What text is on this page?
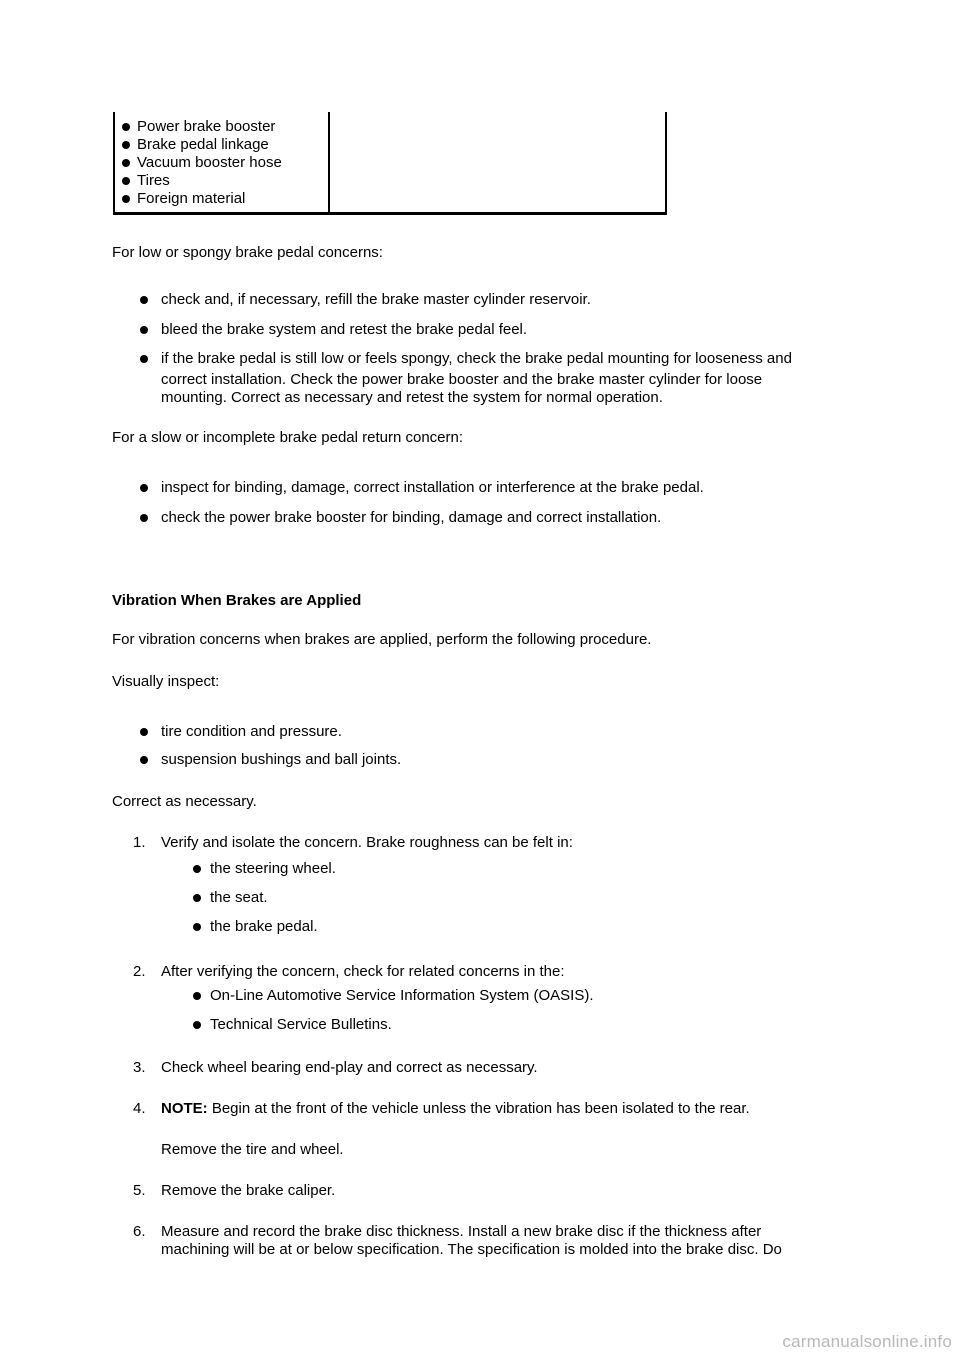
Power brake booster
Brake pedal linkage
Vacuum booster hose
Tires
Foreign material
For low or spongy brake pedal concerns:
check and, if necessary, refill the brake master cylinder reservoir.
bleed the brake system and retest the brake pedal feel.
if the brake pedal is still low or feels spongy, check the brake pedal mounting for looseness and
correct installation. Check the power brake booster and the brake master cylinder for loose
mounting. Correct as necessary and retest the system for normal operation.
For a slow or incomplete brake pedal return concern:
inspect for binding, damage, correct installation or interference at the brake pedal.
check the power brake booster for binding, damage and correct installation.
Vibration When Brakes are Applied
For vibration concerns when brakes are applied, perform the following procedure.
Visually inspect:
tire condition and pressure.
suspension bushings and ball joints.
Correct as necessary.
1. Verify and isolate the concern. Brake roughness can be felt in:
the steering wheel.
the seat.
the brake pedal.
2. After verifying the concern, check for related concerns in the:
On-Line Automotive Service Information System (OASIS).
Technical Service Bulletins.
3. Check wheel bearing end-play and correct as necessary.
4. NOTE: Begin at the front of the vehicle unless the vibration has been isolated to the rear.
Remove the tire and wheel.
5. Remove the brake caliper.
6. Measure and record the brake disc thickness. Install a new brake disc if the thickness after
machining will be at or below specification. The specification is molded into the brake disc. Do
carmanualsonline.info
